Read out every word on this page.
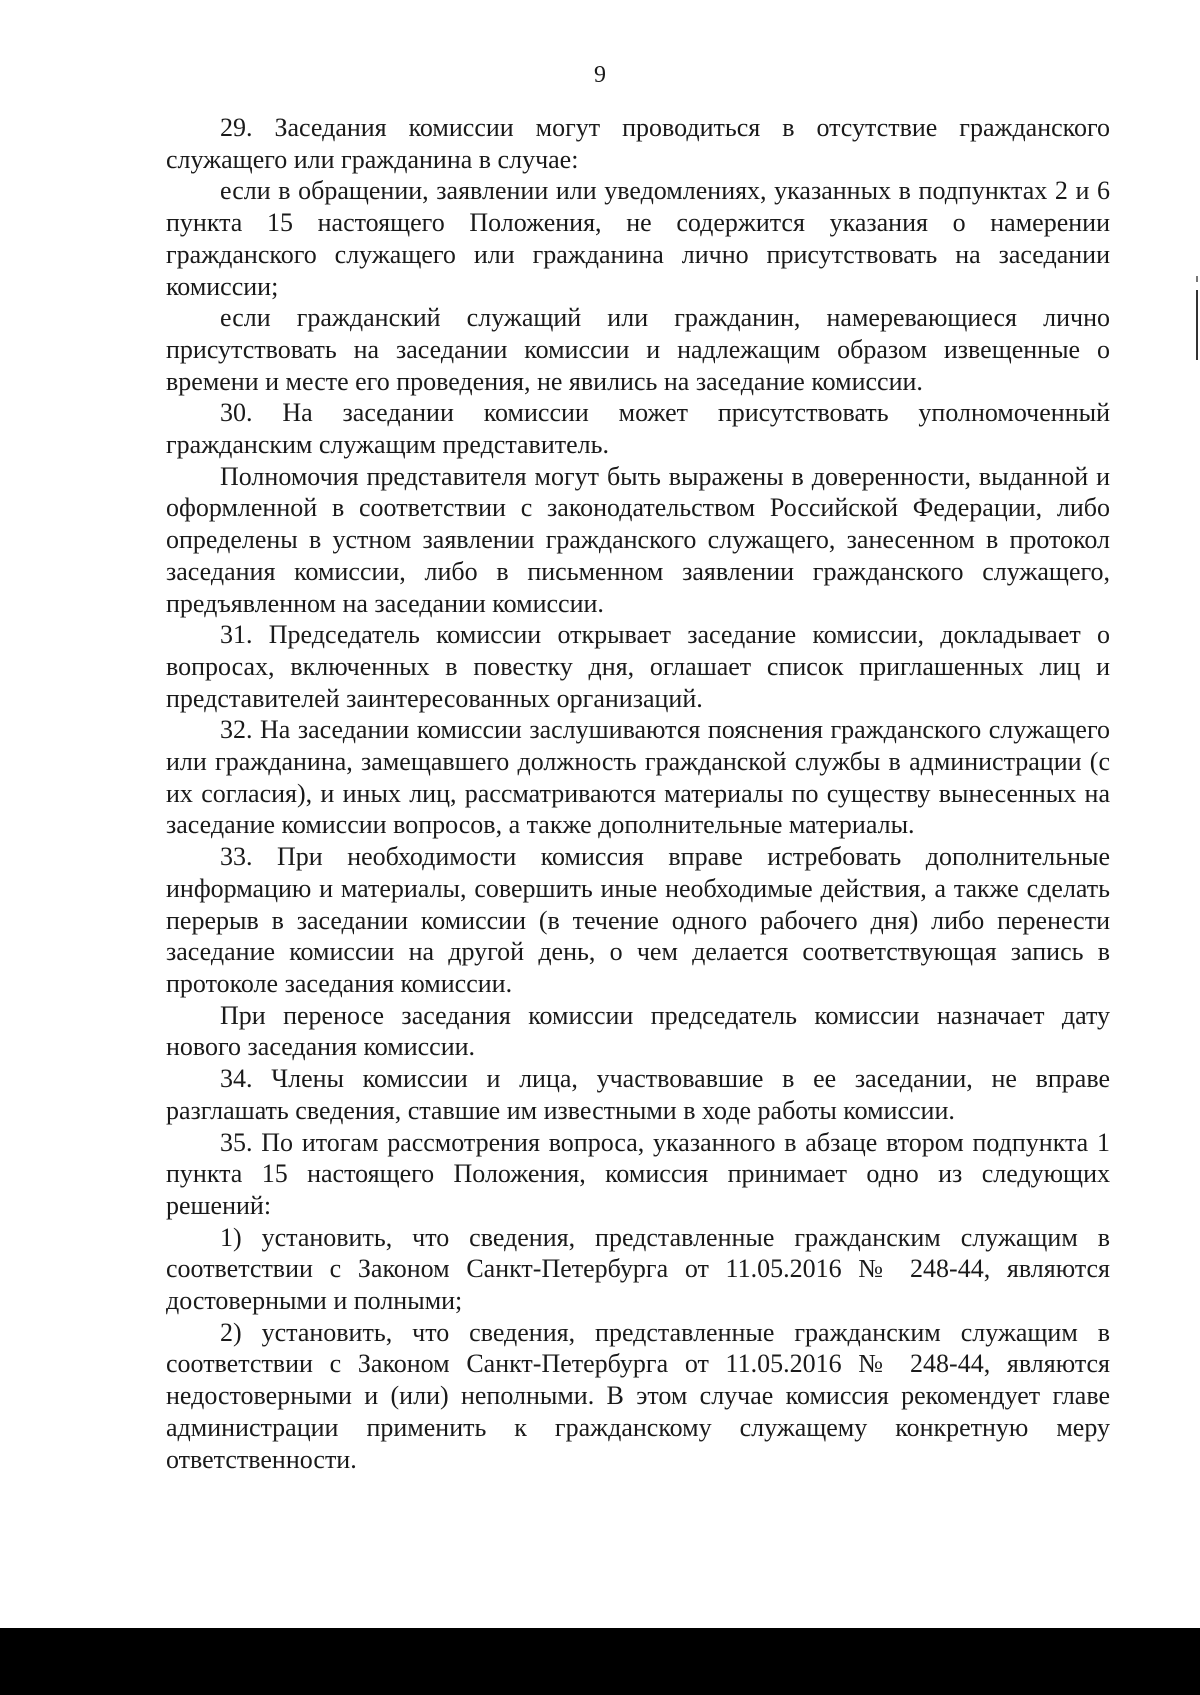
9

29. Заседания комиссии могут проводиться в отсутствие гражданского служащего или гражданина в случае:

если в обращении, заявлении или уведомлениях, указанных в подпунктах 2 и 6 пункта 15 настоящего Положения, не содержится указания о намерении гражданского служащего или гражданина лично присутствовать на заседании комиссии;

если гражданский служащий или гражданин, намеревающиеся лично присутствовать на заседании комиссии и надлежащим образом извещенные о времени и месте его проведения, не явились на заседание комиссии.

30. На заседании комиссии может присутствовать уполномоченный гражданским служащим представитель.

Полномочия представителя могут быть выражены в доверенности, выданной и оформленной в соответствии с законодательством Российской Федерации, либо определены в устном заявлении гражданского служащего, занесенном в протокол заседания комиссии, либо в письменном заявлении гражданского служащего, предъявленном на заседании комиссии.

31. Председатель комиссии открывает заседание комиссии, докладывает о вопросах, включенных в повестку дня, оглашает список приглашенных лиц и представителей заинтересованных организаций.

32. На заседании комиссии заслушиваются пояснения гражданского служащего или гражданина, замещавшего должность гражданской службы в администрации (с их согласия), и иных лиц, рассматриваются материалы по существу вынесенных на заседание комиссии вопросов, а также дополнительные материалы.

33. При необходимости комиссия вправе истребовать дополнительные информацию и материалы, совершить иные необходимые действия, а также сделать перерыв в заседании комиссии (в течение одного рабочего дня) либо перенести заседание комиссии на другой день, о чем делается соответствующая запись в протоколе заседания комиссии.

При переносе заседания комиссии председатель комиссии назначает дату нового заседания комиссии.

34. Члены комиссии и лица, участвовавшие в ее заседании, не вправе разглашать сведения, ставшие им известными в ходе работы комиссии.

35. По итогам рассмотрения вопроса, указанного в абзаце втором подпункта 1 пункта 15 настоящего Положения, комиссия принимает одно из следующих решений:

1) установить, что сведения, представленные гражданским служащим в соответствии с Законом Санкт-Петербурга от 11.05.2016 № 248-44, являются достоверными и полными;

2) установить, что сведения, представленные гражданским служащим в соответствии с Законом Санкт-Петербурга от 11.05.2016 № 248-44, являются недостоверными и (или) неполными. В этом случае комиссия рекомендует главе администрации применить к гражданскому служащему конкретную меру ответственности.
